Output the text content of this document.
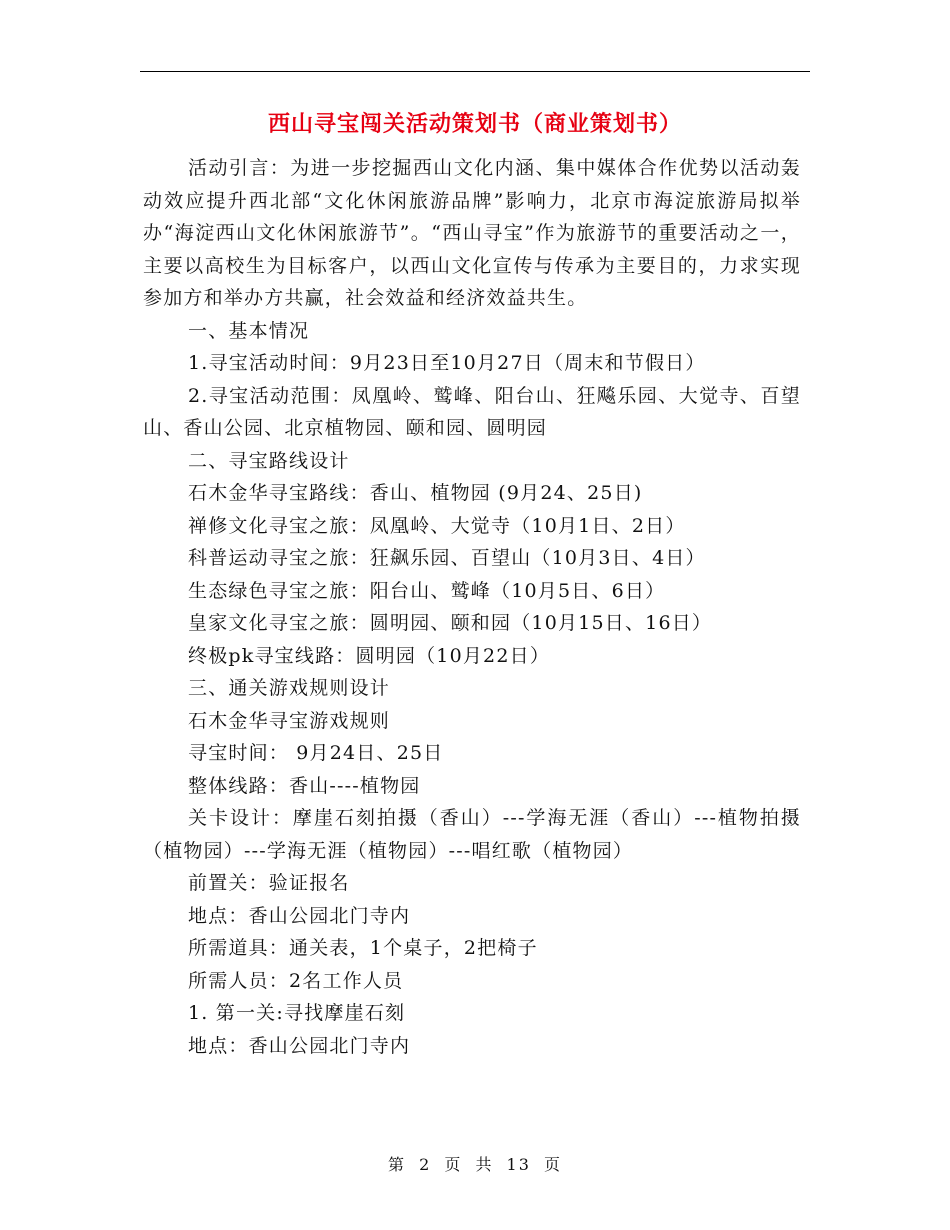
西山寻宝闯关活动策划书（商业策划书）

活动引言：为进一步挖掘西山文化内涵、集中媒体合作优势以活动轰动效应提升西北部“文化休闲旅游品牌”影响力，北京市海淀旅游局拟举办“海淀西山文化休闲旅游节”。“西山寻宝”作为旅游节的重要活动之一，主要以高校生为目标客户，以西山文化宣传与传承为主要目的，力求实现参加方和举办方共赢，社会效益和经济效益共生。

一、基本情况

1.寻宝活动时间：9月23日至10月27日（周末和节假日）

2.寻宝活动范围：凤凰岭、鹫峰、阳台山、狂飚乐园、大觉寺、百望山、香山公园、北京植物园、颐和园、圆明园

二、寻宝路线设计

石木金华寻宝路线：香山、植物园 (9月24、25日)

禅修文化寻宝之旅：凤凰岭、大觉寺（10月1日、2日）

科普运动寻宝之旅：狂飙乐园、百望山（10月3日、4日）

生态绿色寻宝之旅：阳台山、鹫峰（10月5日、6日）

皇家文化寻宝之旅：圆明园、颐和园（10月15日、16日）

终极pk寻宝线路：圆明园（10月22日）

三、通关游戏规则设计

石木金华寻宝游戏规则

寻宝时间： 9月24日、25日

整体线路：香山----植物园

关卡设计：摩崖石刻拍摄（香山）---学海无涯（香山）---植物拍摄（植物园）---学海无涯（植物园）---唱红歌（植物园）

前置关：验证报名

地点：香山公园北门寺内

所需道具：通关表，1个桌子，2把椅子

所需人员：2名工作人员

1. 第一关:寻找摩崖石刻

地点：香山公园北门寺内

第 2 页 共 13 页
